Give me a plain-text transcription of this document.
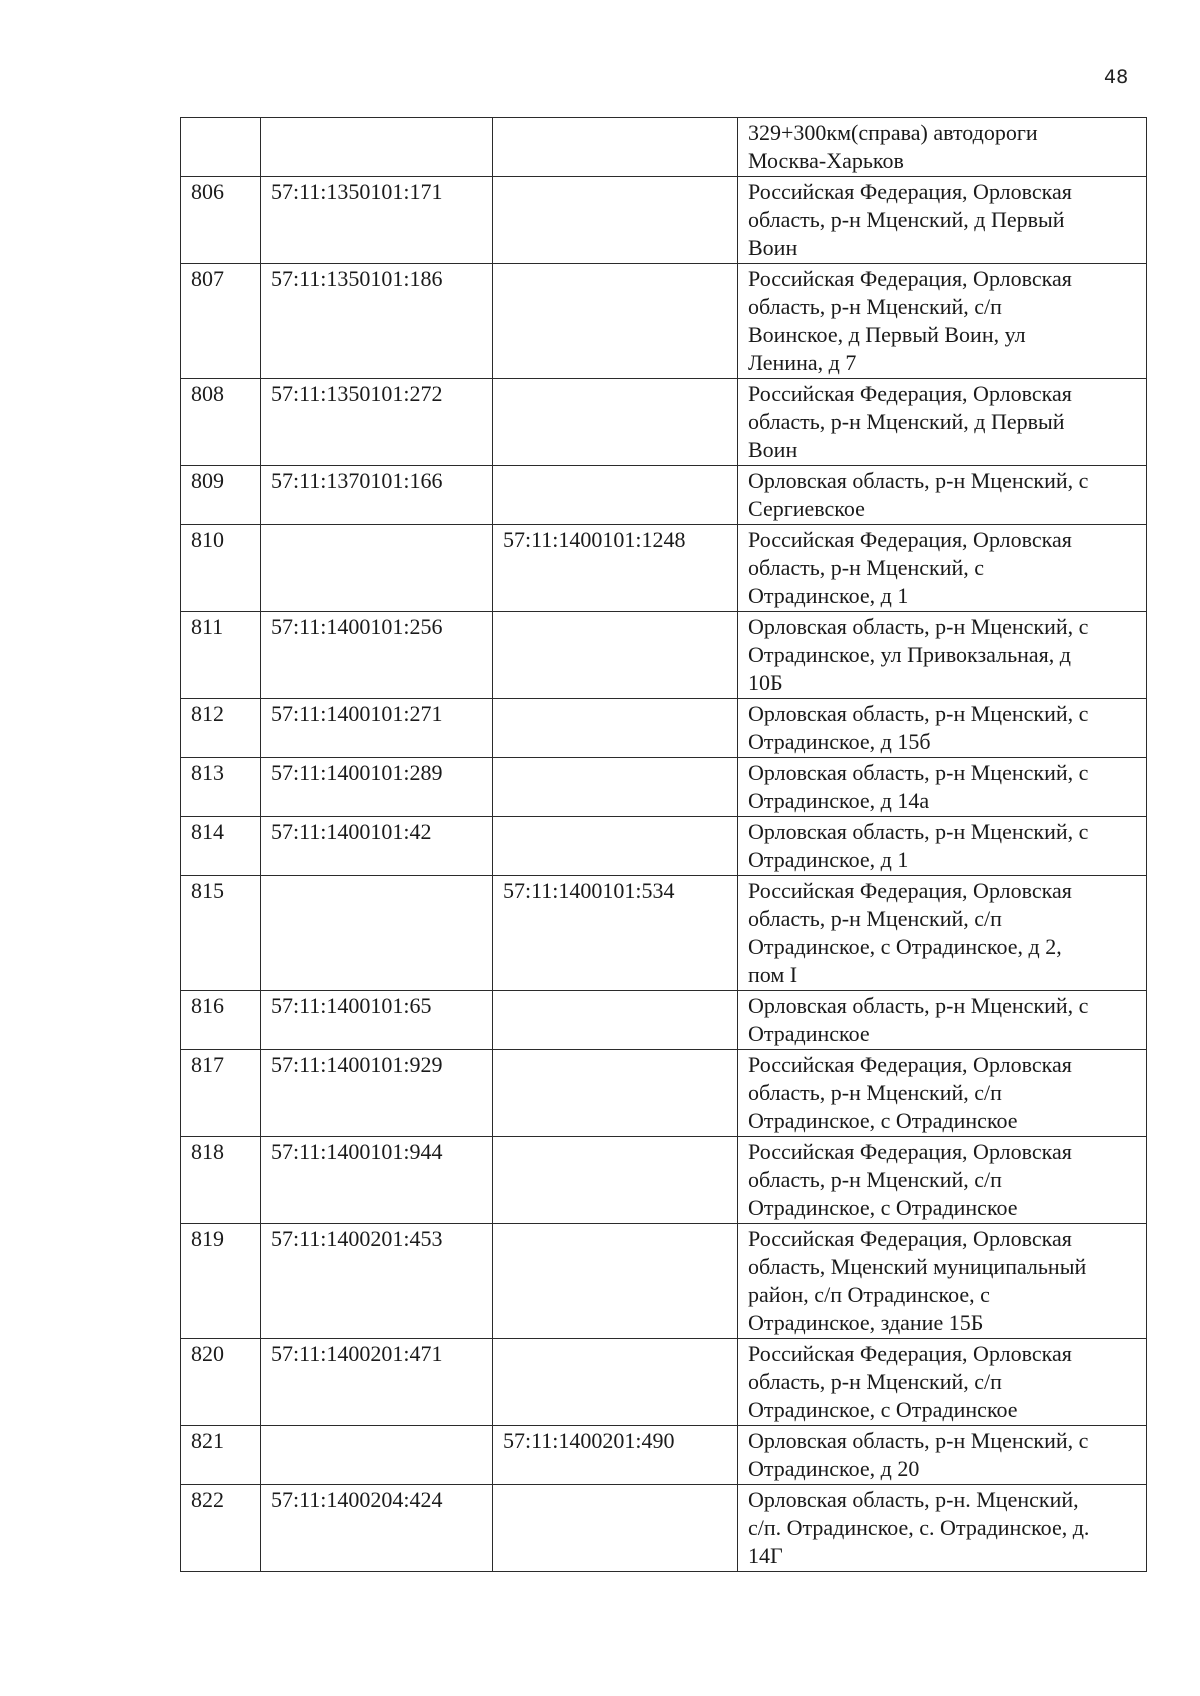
48
			329+300км(справа) автодороги
Москва-Харьков
806	57:11:1350101:171		Российская Федерация, Орловская
область, р-н Мценский, д Первый
Воин
807	57:11:1350101:186		Российская Федерация, Орловская
область, р-н Мценский, с/п
Воинское, д Первый Воин, ул
Ленина, д 7
808	57:11:1350101:272		Российская Федерация, Орловская
область, р-н Мценский, д Первый
Воин
809	57:11:1370101:166		Орловская область, р-н Мценский, с
Сергиевское
810		57:11:1400101:1248	Российская Федерация, Орловская
область, р-н Мценский, с
Отрадинское, д 1
811	57:11:1400101:256		Орловская область, р-н Мценский, с
Отрадинское, ул Привокзальная, д
10Б
812	57:11:1400101:271		Орловская область, р-н Мценский, с
Отрадинское, д 15б
813	57:11:1400101:289		Орловская область, р-н Мценский, с
Отрадинское, д 14а
814	57:11:1400101:42		Орловская область, р-н Мценский, с
Отрадинское, д 1
815		57:11:1400101:534	Российская Федерация, Орловская
область, р-н Мценский, с/п
Отрадинское, с Отрадинское, д 2,
пом I
816	57:11:1400101:65		Орловская область, р-н Мценский, с
Отрадинское
817	57:11:1400101:929		Российская Федерация, Орловская
область, р-н Мценский, с/п
Отрадинское, с Отрадинское
818	57:11:1400101:944		Российская Федерация, Орловская
область, р-н Мценский, с/п
Отрадинское, с Отрадинское
819	57:11:1400201:453		Российская Федерация, Орловская
область, Мценский муниципальный
район, с/п Отрадинское, с
Отрадинское, здание 15Б
820	57:11:1400201:471		Российская Федерация, Орловская
область, р-н Мценский, с/п
Отрадинское, с Отрадинское
821		57:11:1400201:490	Орловская область, р-н Мценский, с
Отрадинское, д 20
822	57:11:1400204:424		Орловская область, р-н. Мценский,
с/п. Отрадинское, с. Отрадинское, д.
14Г
